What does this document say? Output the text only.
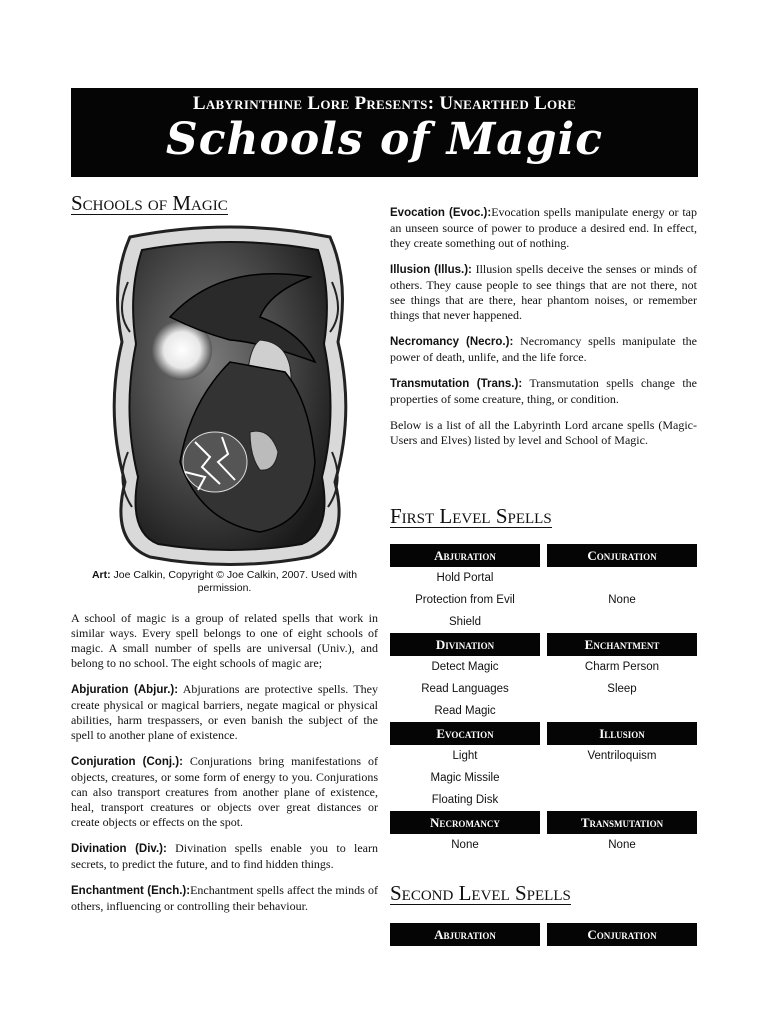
Labyrinthine Lore Presents: Unearthed Lore
Schools of Magic
Schools of Magic
Art: Joe Calkin, Copyright © Joe Calkin, 2007. Used with permission.

A school of magic is a group of related spells that work in similar ways. Every spell belongs to one of eight schools of magic. A small number of spells are universal (Univ.), and belong to no school. The eight schools of magic are;

Abjuration (Abjur.): Abjurations are protective spells. They create physical or magical barriers, negate magical or physical abilities, harm trespassers, or even banish the subject of the spell to another plane of existence.

Conjuration (Conj.): Conjurations bring manifestations of objects, creatures, or some form of energy to you. Conjurations can also transport creatures from another plane of existence, heal, transport creatures or objects over great distances or create objects or effects on the spot.

Divination (Div.): Divination spells enable you to learn secrets, to predict the future, and to find hidden things.

Enchantment (Ench.):Enchantment spells affect the minds of others, influencing or controlling their behaviour.

Evocation (Evoc.):Evocation spells manipulate energy or tap an unseen source of power to produce a desired end. In effect, they create something out of nothing.

Illusion (Illus.): Illusion spells deceive the senses or minds of others. They cause people to see things that are not there, not see things that are there, hear phantom noises, or remember things that never happened.

Necromancy (Necro.): Necromancy spells manipulate the power of death, unlife, and the life force.

Transmutation (Trans.): Transmutation spells change the properties of some creature, thing, or condition.

Below is a list of all the Labyrinth Lord arcane spells (Magic-Users and Elves) listed by level and School of Magic.

First Level Spells
Abjuration	Conjuration
Hold Portal
Protection from Evil	None
Shield
Divination	Enchantment
Detect Magic	Charm Person
Read Languages	Sleep
Read Magic
Evocation	Illusion
Light	Ventriloquism
Magic Missile
Floating Disk
Necromancy	Transmutation
None	None
Second Level Spells
Abjuration	Conjuration
